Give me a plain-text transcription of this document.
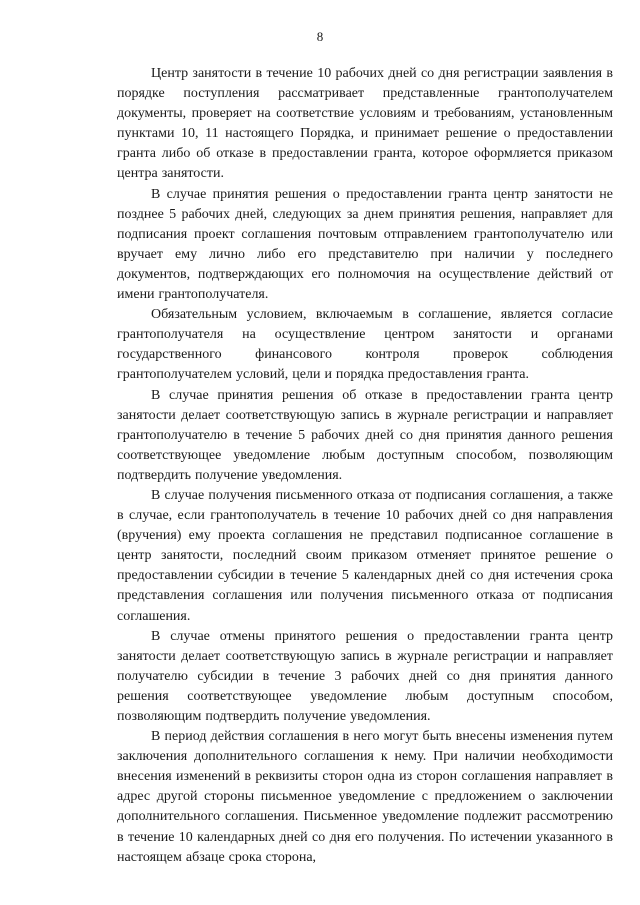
8

Центр занятости в течение 10 рабочих дней со дня регистрации заявления в порядке поступления рассматривает представленные грантополучателем документы, проверяет на соответствие условиям и требованиям, установленным пунктами 10, 11 настоящего Порядка, и принимает решение о предоставлении гранта либо об отказе в предоставлении гранта, которое оформляется приказом центра занятости.

В случае принятия решения о предоставлении гранта центр занятости не позднее 5 рабочих дней, следующих за днем принятия решения, направляет для подписания проект соглашения почтовым отправлением грантополучателю или вручает ему лично либо его представителю при наличии у последнего документов, подтверждающих его полномочия на осуществление действий от имени грантополучателя.

Обязательным условием, включаемым в соглашение, является согласие грантополучателя на осуществление центром занятости и органами государственного финансового контроля проверок соблюдения грантополучателем условий, цели и порядка предоставления гранта.

В случае принятия решения об отказе в предоставлении гранта центр занятости делает соответствующую запись в журнале регистрации и направляет грантополучателю в течение 5 рабочих дней со дня принятия данного решения соответствующее уведомление любым доступным способом, позволяющим подтвердить получение уведомления.

В случае получения письменного отказа от подписания соглашения, а также в случае, если грантополучатель в течение 10 рабочих дней со дня направления (вручения) ему проекта соглашения не представил подписанное соглашение в центр занятости, последний своим приказом отменяет принятое решение о предоставлении субсидии в течение 5 календарных дней со дня истечения срока представления соглашения или получения письменного отказа от подписания соглашения.

В случае отмены принятого решения о предоставлении гранта центр занятости делает соответствующую запись в журнале регистрации и направляет получателю субсидии в течение 3 рабочих дней со дня принятия данного решения соответствующее уведомление любым доступным способом, позволяющим подтвердить получение уведомления.

В период действия соглашения в него могут быть внесены изменения путем заключения дополнительного соглашения к нему. При наличии необходимости внесения изменений в реквизиты сторон одна из сторон соглашения направляет в адрес другой стороны письменное уведомление с предложением о заключении дополнительного соглашения. Письменное уведомление подлежит рассмотрению в течение 10 календарных дней со дня его получения. По истечении указанного в настоящем абзаце срока сторона,
